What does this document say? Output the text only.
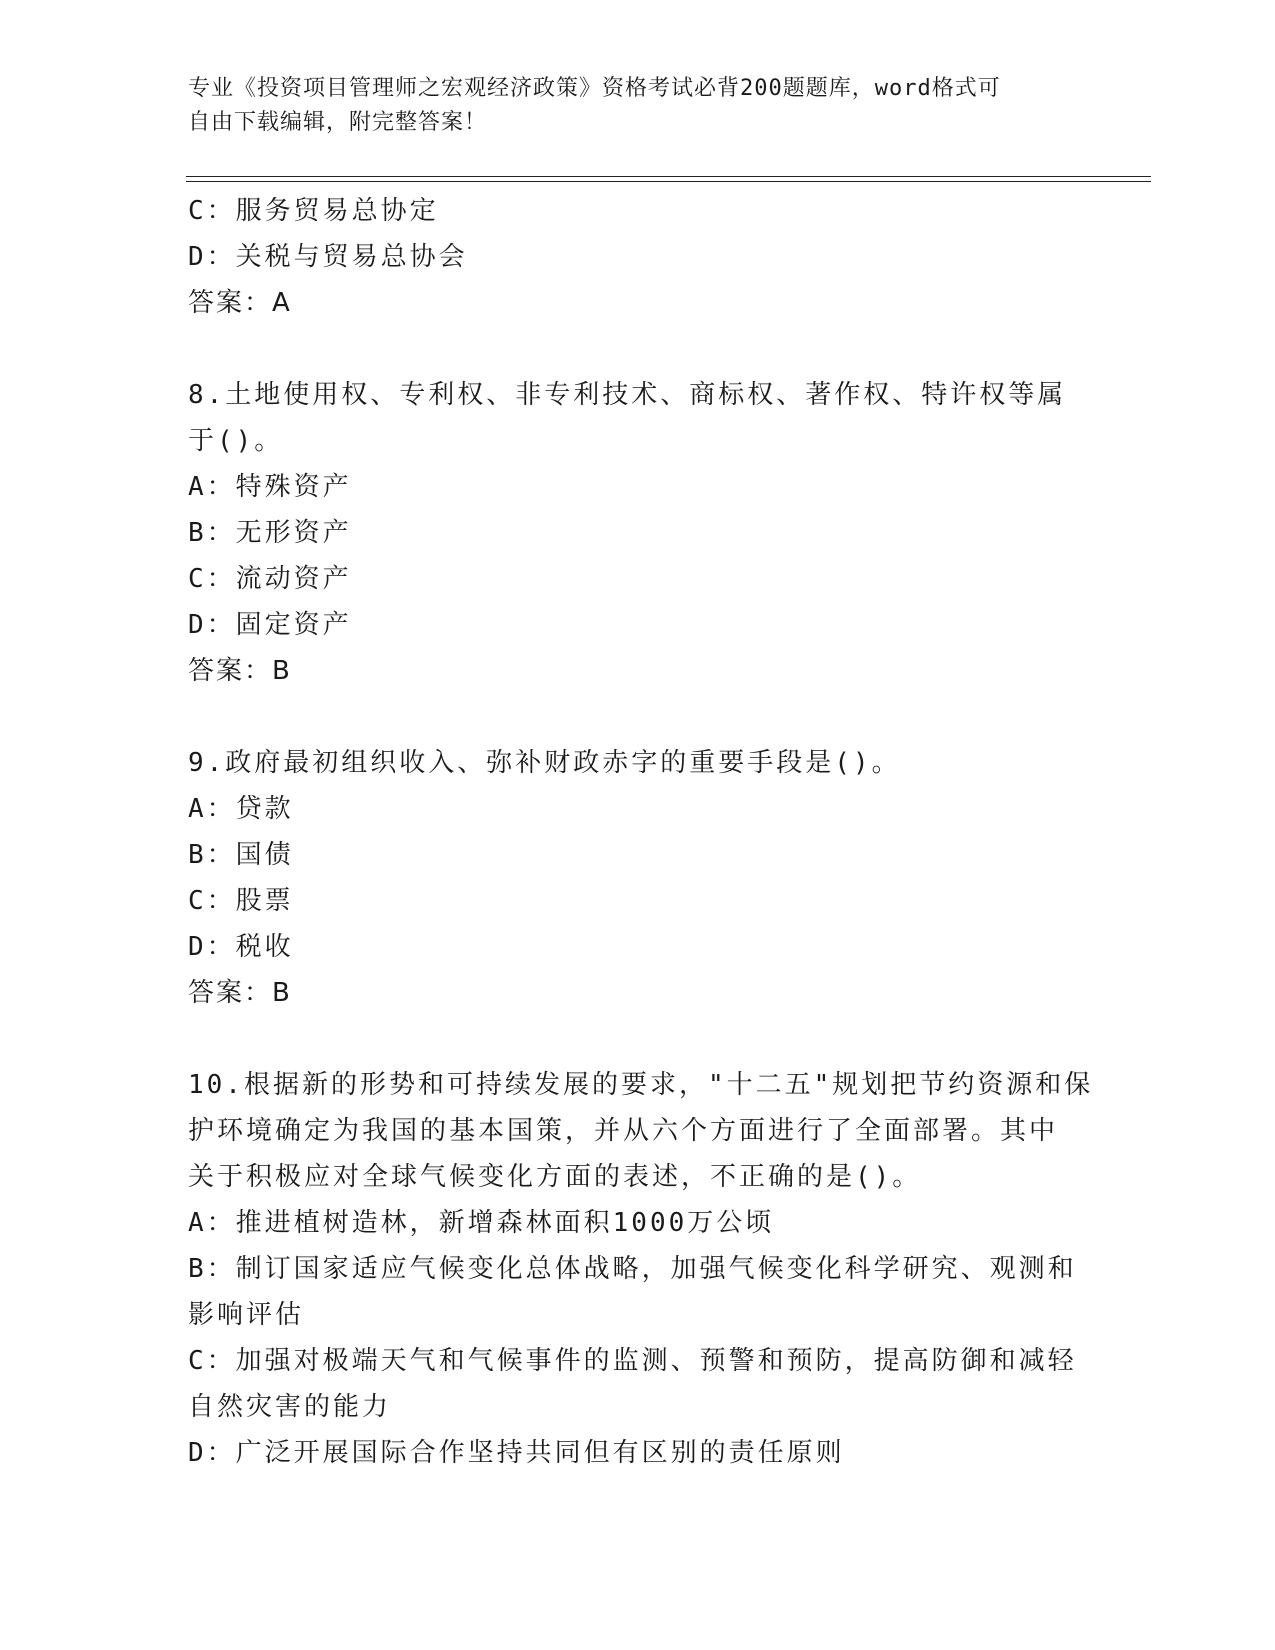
专业《投资项目管理师之宏观经济政策》资格考试必背200题题库，word格式可
自由下载编辑，附完整答案！
C：服务贸易总协定
D：关税与贸易总协会
答案：A
8.土地使用权、专利权、非专利技术、商标权、著作权、特许权等属
于()。
A：特殊资产
B：无形资产
C：流动资产
D：固定资产
答案：B
9.政府最初组织收入、弥补财政赤字的重要手段是()。
A：贷款
B：国债
C：股票
D：税收
答案：B
10.根据新的形势和可持续发展的要求，"十二五"规划把节约资源和保
护环境确定为我国的基本国策，并从六个方面进行了全面部署。其中
关于积极应对全球气候变化方面的表述，不正确的是()。
A：推进植树造林，新增森林面积1000万公顷
B：制订国家适应气候变化总体战略，加强气候变化科学研究、观测和
影响评估
C：加强对极端天气和气候事件的监测、预警和预防，提高防御和减轻
自然灾害的能力
D：广泛开展国际合作坚持共同但有区别的责任原则
